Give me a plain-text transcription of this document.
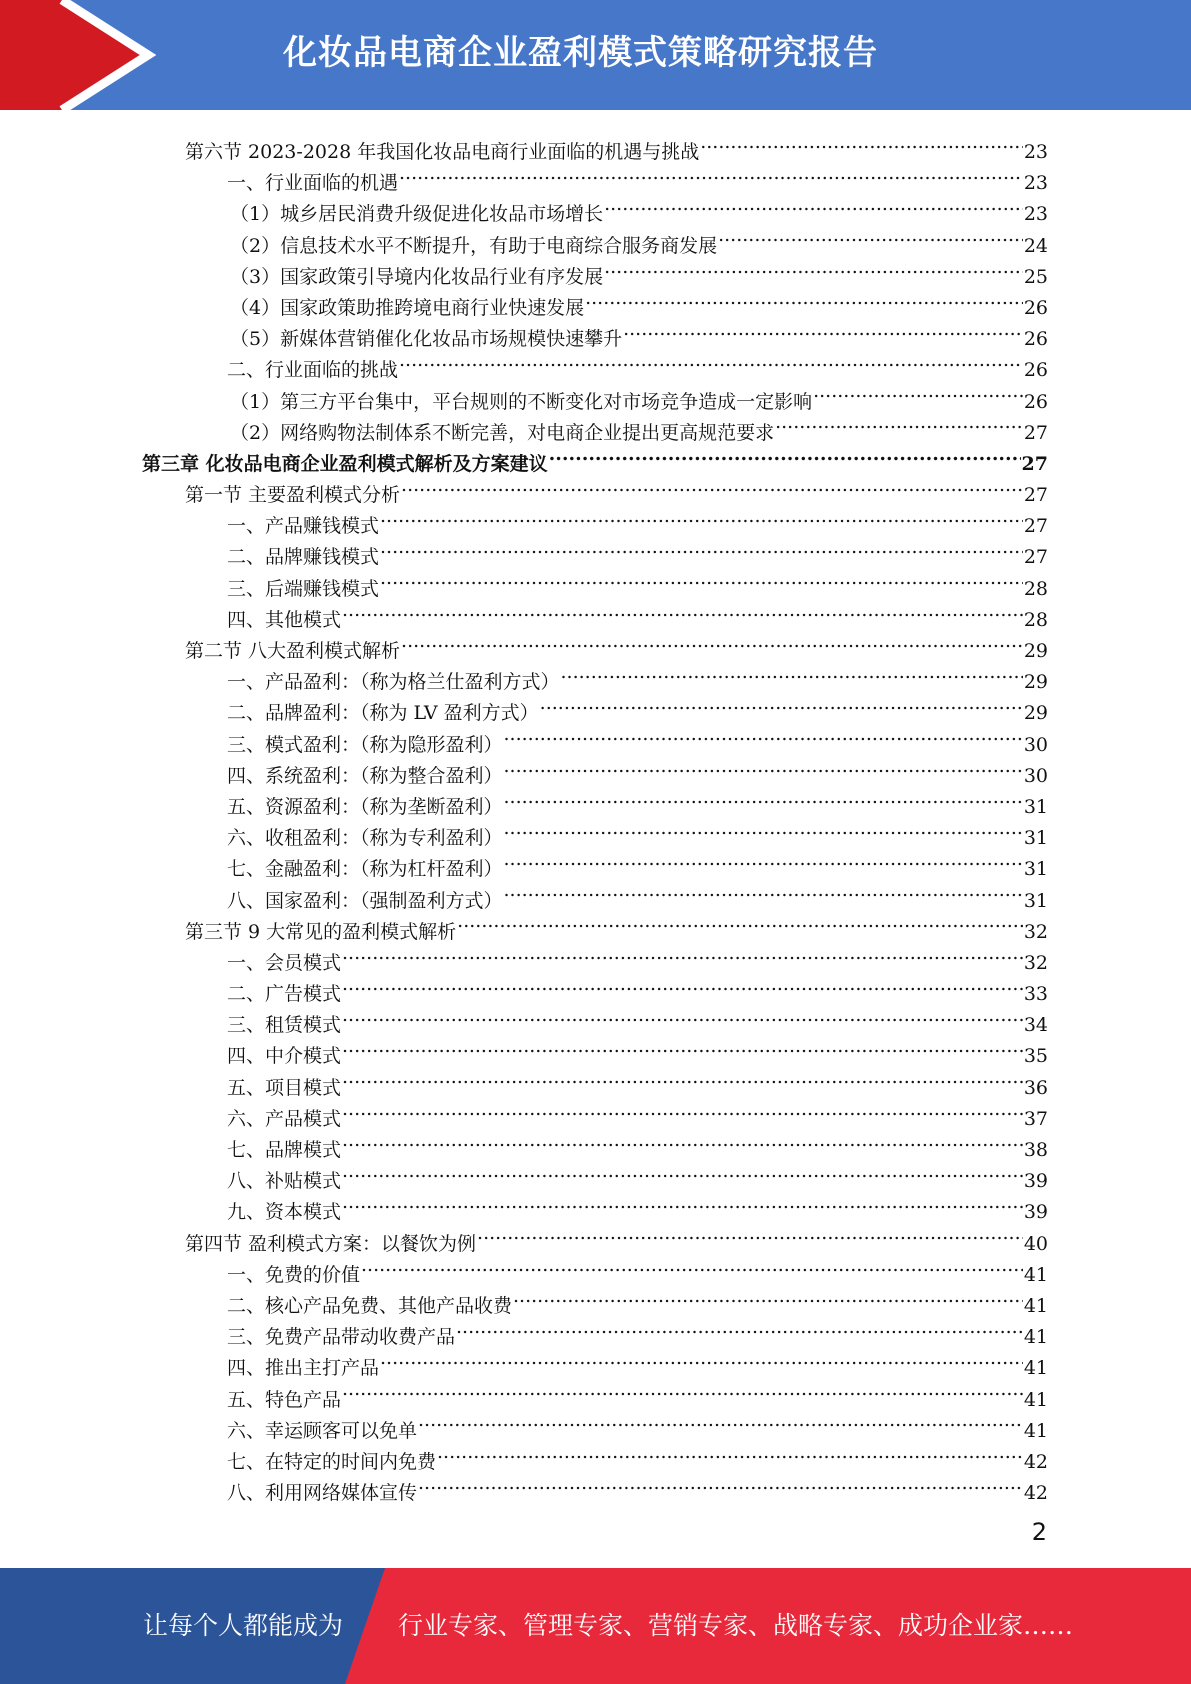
化妆品电商企业盈利模式策略研究报告
第六节 2023-2028 年我国化妆品电商行业面临的机遇与挑战 .....	23
一、行业面临的机遇 .....	23
（1）城乡居民消费升级促进化妆品市场增长 .....	23
（2）信息技术水平不断提升，有助于电商综合服务商发展 .....	24
（3）国家政策引导境内化妆品行业有序发展 .....	25
（4）国家政策助推跨境电商行业快速发展 .....	26
（5）新媒体营销催化化妆品市场规模快速攀升 .....	26
二、行业面临的挑战 .....	26
（1）第三方平台集中，平台规则的不断变化对市场竞争造成一定影响 .....	26
（2）网络购物法制体系不断完善，对电商企业提出更高规范要求 .....	27
第三章 化妆品电商企业盈利模式解析及方案建议 .....	27
第一节 主要盈利模式分析 .....	27
一、产品赚钱模式 .....	27
二、品牌赚钱模式 .....	27
三、后端赚钱模式 .....	28
四、其他模式 .....	28
第二节 八大盈利模式解析 .....	29
一、产品盈利：（称为格兰仕盈利方式） .....	29
二、品牌盈利：（称为 LV 盈利方式） .....	29
三、模式盈利：（称为隐形盈利） .....	30
四、系统盈利：（称为整合盈利） .....	30
五、资源盈利：（称为垄断盈利） .....	31
六、收租盈利：（称为专利盈利） .....	31
七、金融盈利：（称为杠杆盈利） .....	31
八、国家盈利：（强制盈利方式） .....	31
第三节 9 大常见的盈利模式解析 .....	32
一、会员模式 .....	32
二、广告模式 .....	33
三、租赁模式 .....	34
四、中介模式 .....	35
五、项目模式 .....	36
六、产品模式 .....	37
七、品牌模式 .....	38
八、补贴模式 .....	39
九、资本模式 .....	39
第四节 盈利模式方案：以餐饮为例 .....	40
一、免费的价值 .....	41
二、核心产品免费、其他产品收费 .....	41
三、免费产品带动收费产品 .....	41
四、推出主打产品 .....	41
五、特色产品 .....	41
六、幸运顾客可以免单 .....	41
七、在特定的时间内免费 .....	42
八、利用网络媒体宣传 .....	42
2
让每个人都能成为 行业专家、管理专家、营销专家、战略专家、成功企业家……
